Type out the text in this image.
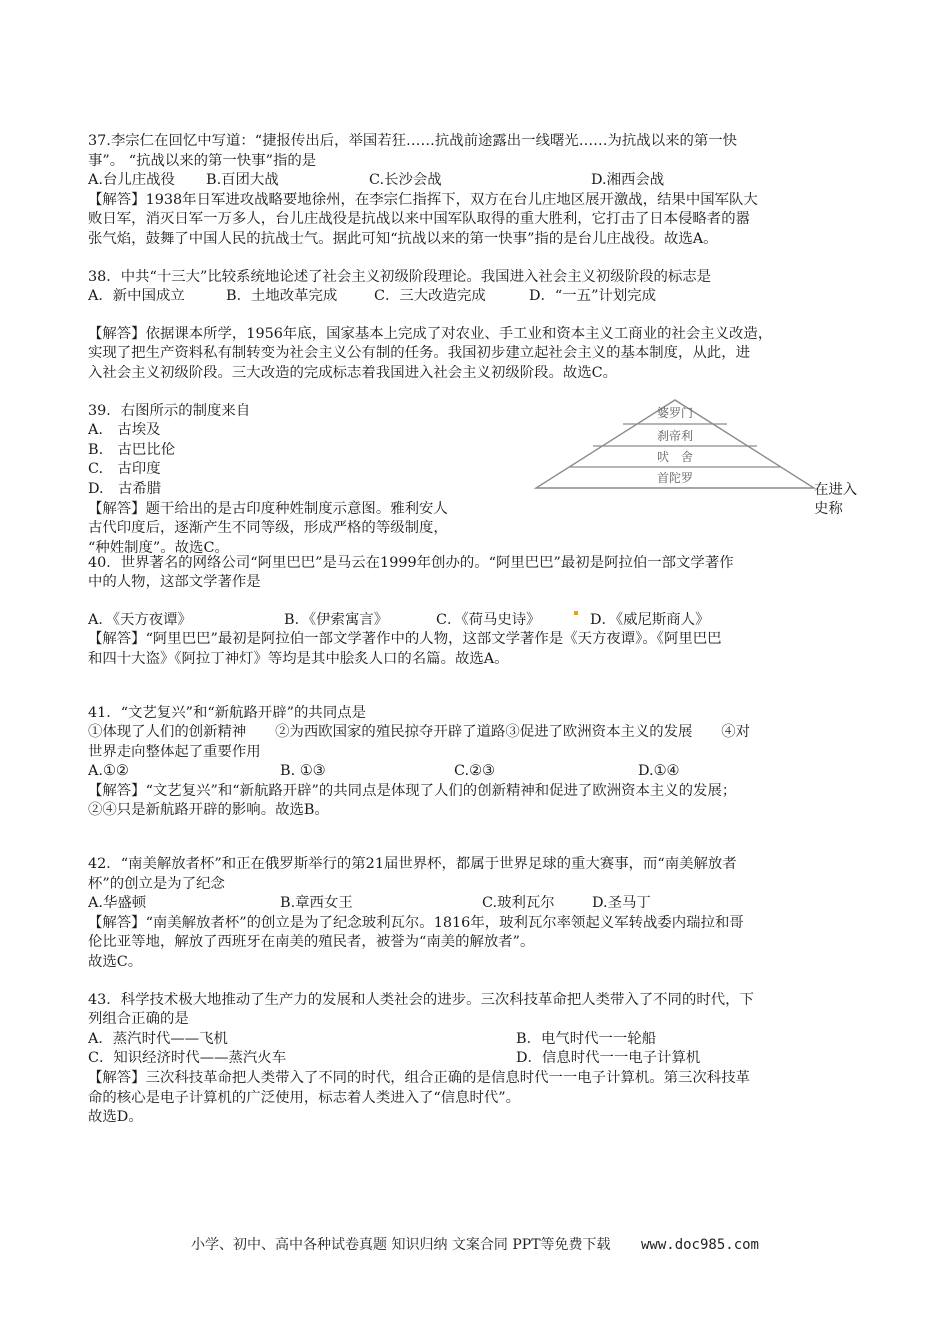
37.李宗仁在回忆中写道：“捷报传出后，举国若狂……抗战前途露出一线曙光……为抗战以来的第一快
事”。 “抗战以来的第一快事”指的是
A.台儿庄战役	B.百团大战	C.长沙会战	D.湘西会战
【解答】1938年日军进攻战略要地徐州，在李宗仁指挥下，双方在台儿庄地区展开激战，结果中国军队大
败日军，消灭日军一万多人，台儿庄战役是抗战以来中国军队取得的重大胜利，它打击了日本侵略者的嚣
张气焰，鼓舞了中国人民的抗战士气。据此可知“抗战以来的第一快事”指的是台儿庄战役。故选A。
38．中共“十三大”比较系统地论述了社会主义初级阶段理论。我国进入社会主义初级阶段的标志是
A．新中国成立	B．土地改革完成	C．三大改造完成	D．“一五”计划完成
【解答】依据课本所学，1956年底，国家基本上完成了对农业、手工业和资本主义工商业的社会主义改造，
实现了把生产资料私有制转变为社会主义公有制的任务。我国初步建立起社会主义的基本制度，从此，进
入社会主义初级阶段。三大改造的完成标志着我国进入社会主义初级阶段。故选C。
39．右图所示的制度来自
A.　古埃及
B.　古巴比伦
C.　古印度
D.　古希腊
【解答】题干给出的是古印度种姓制度示意图。雅利安人
古代印度后，逐渐产生不同等级，形成严格的等级制度，
“种姓制度”。故选C。
在进入
史称
婆罗门
刹帝利
吠　舍
首陀罗
40．世界著名的网络公司“阿里巴巴”是马云在1999年创办的。“阿里巴巴”最初是阿拉伯一部文学著作
中的人物，这部文学著作是
A．《天方夜谭》	B．《伊索寓言》	C．《荷马史诗》	D．《威尼斯商人》
【解答】“阿里巴巴”最初是阿拉伯一部文学著作中的人物，这部文学著作是《天方夜谭》。《阿里巴巴
和四十大盗》《阿拉丁神灯》等均是其中脍炙人口的名篇。故选A。
41．“文艺复兴”和“新航路开辟”的共同点是
①体现了人们的创新精神　　②为西欧国家的殖民掠夺开辟了道路③促进了欧洲资本主义的发展　　④对
世界走向整体起了重要作用
A.①②	B. ①③	C.②③	D.①④
【解答】“文艺复兴”和“新航路开辟”的共同点是体现了人们的创新精神和促进了欧洲资本主义的发展；
②④只是新航路开辟的影响。故选B。
42．“南美解放者杯”和正在俄罗斯举行的第21届世界杯，都属于世界足球的重大赛事，而“南美解放者
杯”的创立是为了纪念
A.华盛顿	B.章西女王	C.玻利瓦尔	D.圣马丁
【解答】“南美解放者杯”的创立是为了纪念玻利瓦尔。1816年，玻利瓦尔率领起义军转战委内瑞拉和哥
伦比亚等地，解放了西班牙在南美的殖民者，被誉为“南美的解放者”。
故选C。
43．科学技术极大地推动了生产力的发展和人类社会的进步。三次科技革命把人类带入了不同的时代，下
列组合正确的是
A．蒸汽时代——飞机	B．电气时代一一轮船
C．知识经济时代——蒸汽火车	D．信息时代一一电子计算机
【解答】三次科技革命把人类带入了不同的时代，组合正确的是信息时代一一电子计算机。第三次科技革
命的核心是电子计算机的广泛使用，标志着人类进入了“信息时代”。
故选D。
小学、初中、高中各种试卷真题 知识归纳 文案合同 PPT等免费下载 www.doc985.com
